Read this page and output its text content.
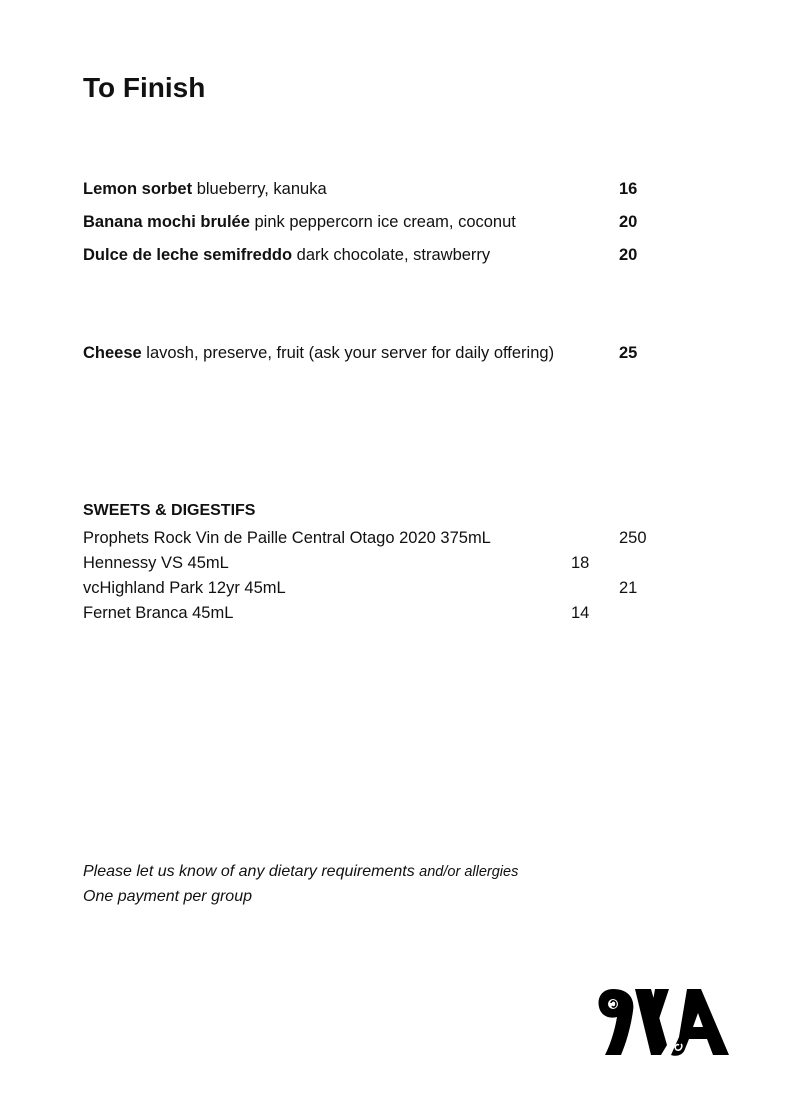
To Finish
Lemon sorbet blueberry, kanuka	16
Banana mochi brulée pink peppercorn ice cream, coconut	20
Dulce de leche semifreddo dark chocolate, strawberry	20
Cheese lavosh, preserve, fruit (ask your server for daily offering)	25
SWEETS & DIGESTIFS
Prophets Rock Vin de Paille Central Otago 2020 375mL	250
Hennessy VS 45mL	18
vcHighland Park 12yr 45mL	21
Fernet Branca 45mL	14
Please let us know of any dietary requirements and/or allergies
One payment per group
